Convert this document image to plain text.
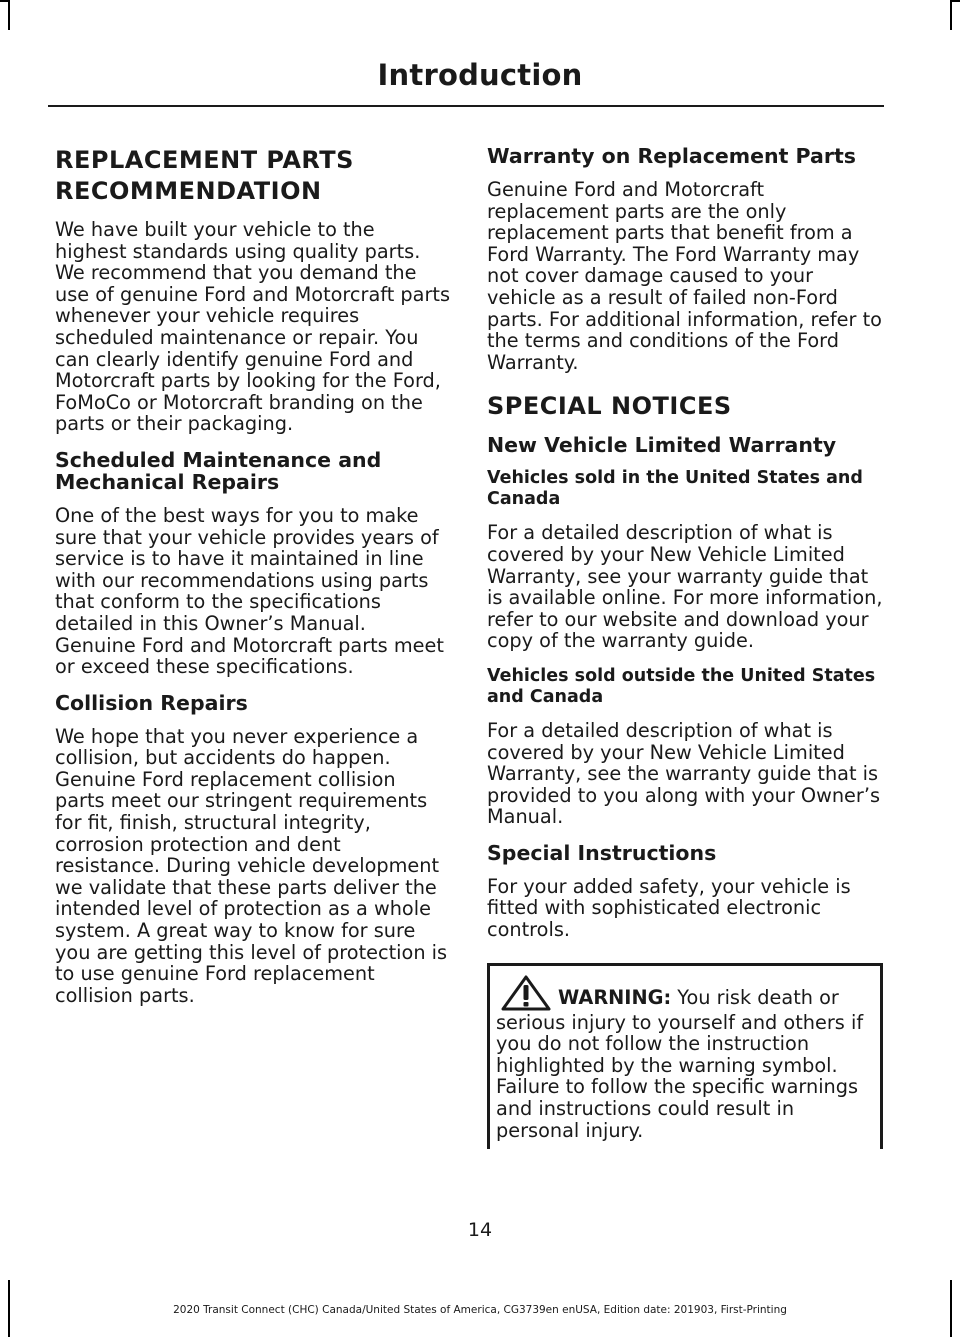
Introduction
REPLACEMENT PARTS
RECOMMENDATION

We have built your vehicle to the highest standards using quality parts. We recommend that you demand the use of genuine Ford and Motorcraft parts whenever your vehicle requires scheduled maintenance or repair. You can clearly identify genuine Ford and Motorcraft parts by looking for the Ford, FoMoCo or Motorcraft branding on the parts or their packaging.

Scheduled Maintenance and Mechanical Repairs

One of the best ways for you to make sure that your vehicle provides years of service is to have it maintained in line with our recommendations using parts that conform to the specifications detailed in this Owner’s Manual. Genuine Ford and Motorcraft parts meet or exceed these specifications.

Collision Repairs

We hope that you never experience a collision, but accidents do happen. Genuine Ford replacement collision parts meet our stringent requirements for fit, finish, structural integrity, corrosion protection and dent resistance. During vehicle development we validate that these parts deliver the intended level of protection as a whole system. A great way to know for sure you are getting this level of protection is to use genuine Ford replacement collision parts.

Warranty on Replacement Parts

Genuine Ford and Motorcraft replacement parts are the only replacement parts that benefit from a Ford Warranty. The Ford Warranty may not cover damage caused to your vehicle as a result of failed non-Ford parts. For additional information, refer to the terms and conditions of the Ford Warranty.

SPECIAL NOTICES
New Vehicle Limited Warranty
Vehicles sold in the United States and Canada

For a detailed description of what is covered by your New Vehicle Limited Warranty, see your warranty guide that is available online. For more information, refer to our website and download your copy of the warranty guide.

Vehicles sold outside the United States and Canada

For a detailed description of what is covered by your New Vehicle Limited Warranty, see the warranty guide that is provided to you along with your Owner’s Manual.

Special Instructions

For your added safety, your vehicle is fitted with sophisticated electronic controls.

WARNING: You risk death or serious injury to yourself and others if you do not follow the instruction highlighted by the warning symbol. Failure to follow the specific warnings and instructions could result in personal injury.
14
2020 Transit Connect (CHC) Canada/United States of America, CG3739en enUSA, Edition date: 201903, First-Printing
